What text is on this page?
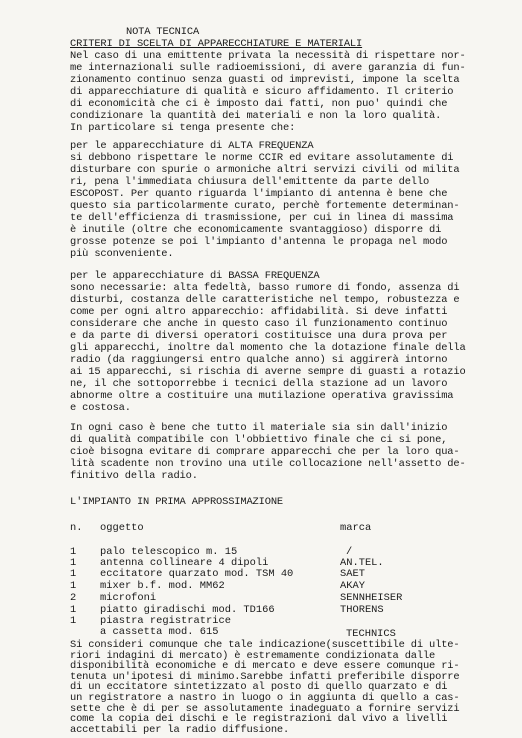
NOTA TECNICA
CRITERI DI SCELTA DI APPARECCHIATURE E MATERIALI
Nel caso di una emittente privata la necessità di rispettare nor-
me internazionali sulle radioemissioni, di avere garanzia di fun-
zionamento continuo senza guasti od imprevisti, impone la scelta
di apparecchiature di qualità e sicuro affidamento. Il criterio
di economicità che ci è imposto dai fatti, non puo' quindi che
condizionare la quantità dei materiali e non la loro qualità.
In particolare si tenga presente che:
per le apparecchiature di ALTA FREQUENZA
si debbono rispettare le norme CCIR ed evitare assolutamente di
disturbare con spurie o armoniche altri servizi civili od milita
ri, pena l'immediata chiusura dell'emittente da parte dello
ESCOPOST. Per quanto riguarda l'impianto di antenna è bene che
questo sia particolarmente curato, perchè fortemente determinan-
te dell'efficienza di trasmissione, per cui in linea di massima
è inutile (oltre che economicamente svantaggioso) disporre di
grosse potenze se poi l'impianto d'antenna le propaga nel modo
più sconveniente.
per le apparecchiature di BASSA FREQUENZA
sono necessarie: alta fedeltà, basso rumore di fondo, assenza di
disturbi, costanza delle caratteristiche nel tempo, robustezza e
come per ogni altro apparecchio: affidabilità. Si deve infatti
considerare che anche in questo caso il funzionamento continuo
e da parte di diversi operatori costituisce una dura prova per
gli apparecchi, inoltre dal momento che la dotazione finale della
radio (da raggiungersi entro qualche anno) si aggirerà intorno
ai 15 apparecchi, si rischia di averne sempre di guasti a rotazio
ne, il che sottoporrebbe i tecnici della stazione ad un lavoro
abnorme oltre a costituire una mutilazione operativa gravissima
e costosa.
In ogni caso è bene che tutto il materiale sia sin dall'inizio
di qualità compatibile con l'obbiettivo finale che ci si pone,
cioè bisogna evitare di comprare apparecchi che per la loro qua-
lità scadente non trovino una utile collocazione nell'assetto de-
finitivo della radio.
L'IMPIANTO IN PRIMA APPROSSIMAZIONE
n. oggetto	marca
1 palo telescopico m. 15	/
1 antenna collineare 4 dipoli	AN.TEL.
1 eccitatore quarzato mod. TSM 40	SAET
1 mixer b.f. mod. MM62	AKAY
2 microfoni	SENNHEISER
1 piatto giradischi mod. TD166	THORENS
1 piastra registratrice
a cassetta mod. 615	TECHNICS
Si consideri comunque che tale indicazione(suscettibile di ulte-
riori indagini di mercato) è estremamente condizionata dalle
disponibilità economiche e di mercato e deve essere comunque ri-
tenuta un'ipotesi di minimo.Sarebbe infatti preferibile disporre
di un eccitatore sintetizzato al posto di quello quarzato e di
un registratore a nastro in luogo o in aggiunta di quello a cas-
sette che è di per se assolutamente inadeguato a fornire servizi
come la copia dei dischi e le registrazioni dal vivo a livelli
accettabili per la radio diffusione.
